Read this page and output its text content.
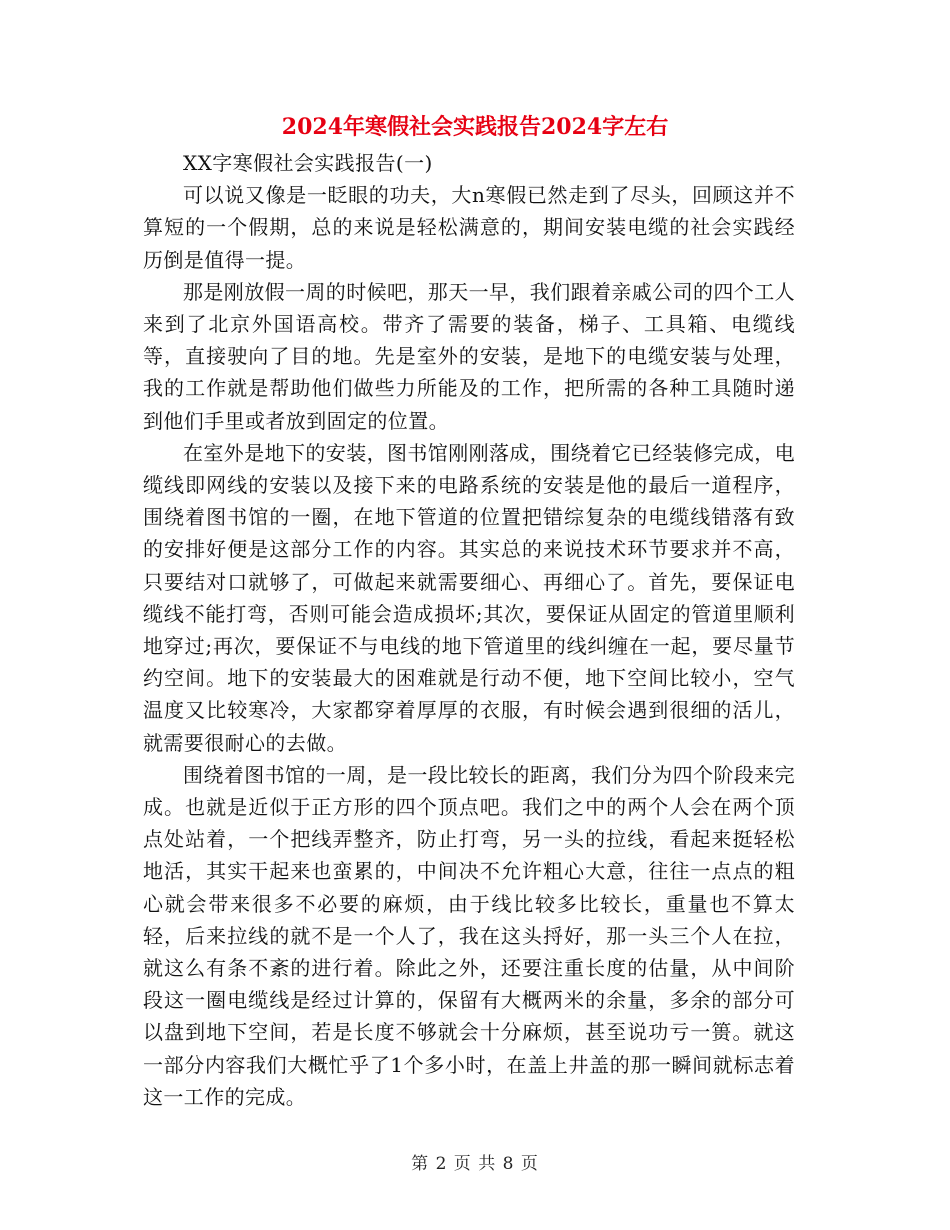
2024年寒假社会实践报告2024字左右

XX字寒假社会实践报告(一)

可以说又像是一眨眼的功夫，大n寒假已然走到了尽头，回顾这并不算短的一个假期，总的来说是轻松满意的，期间安装电缆的社会实践经历倒是值得一提。

那是刚放假一周的时候吧，那天一早，我们跟着亲戚公司的四个工人来到了北京外国语高校。带齐了需要的装备，梯子、工具箱、电缆线等，直接驶向了目的地。先是室外的安装，是地下的电缆安装与处理，我的工作就是帮助他们做些力所能及的工作，把所需的各种工具随时递到他们手里或者放到固定的位置。

在室外是地下的安装，图书馆刚刚落成，围绕着它已经装修完成，电缆线即网线的安装以及接下来的电路系统的安装是他的最后一道程序，围绕着图书馆的一圈，在地下管道的位置把错综复杂的电缆线错落有致的安排好便是这部分工作的内容。其实总的来说技术环节要求并不高，只要结对口就够了，可做起来就需要细心、再细心了。首先，要保证电缆线不能打弯，否则可能会造成损坏;其次，要保证从固定的管道里顺利地穿过;再次，要保证不与电线的地下管道里的线纠缠在一起，要尽量节约空间。地下的安装最大的困难就是行动不便，地下空间比较小，空气温度又比较寒冷，大家都穿着厚厚的衣服，有时候会遇到很细的活儿，就需要很耐心的去做。

围绕着图书馆的一周，是一段比较长的距离，我们分为四个阶段来完成。也就是近似于正方形的四个顶点吧。我们之中的两个人会在两个顶点处站着，一个把线弄整齐，防止打弯，另一头的拉线，看起来挺轻松地活，其实干起来也蛮累的，中间决不允许粗心大意，往往一点点的粗心就会带来很多不必要的麻烦，由于线比较多比较长，重量也不算太轻，后来拉线的就不是一个人了，我在这头捋好，那一头三个人在拉，就这么有条不紊的进行着。除此之外，还要注重长度的估量，从中间阶段这一圈电缆线是经过计算的，保留有大概两米的余量，多余的部分可以盘到地下空间，若是长度不够就会十分麻烦，甚至说功亏一篑。就这一部分内容我们大概忙乎了1个多小时，在盖上井盖的那一瞬间就标志着这一工作的完成。

第 2 页 共 8 页
